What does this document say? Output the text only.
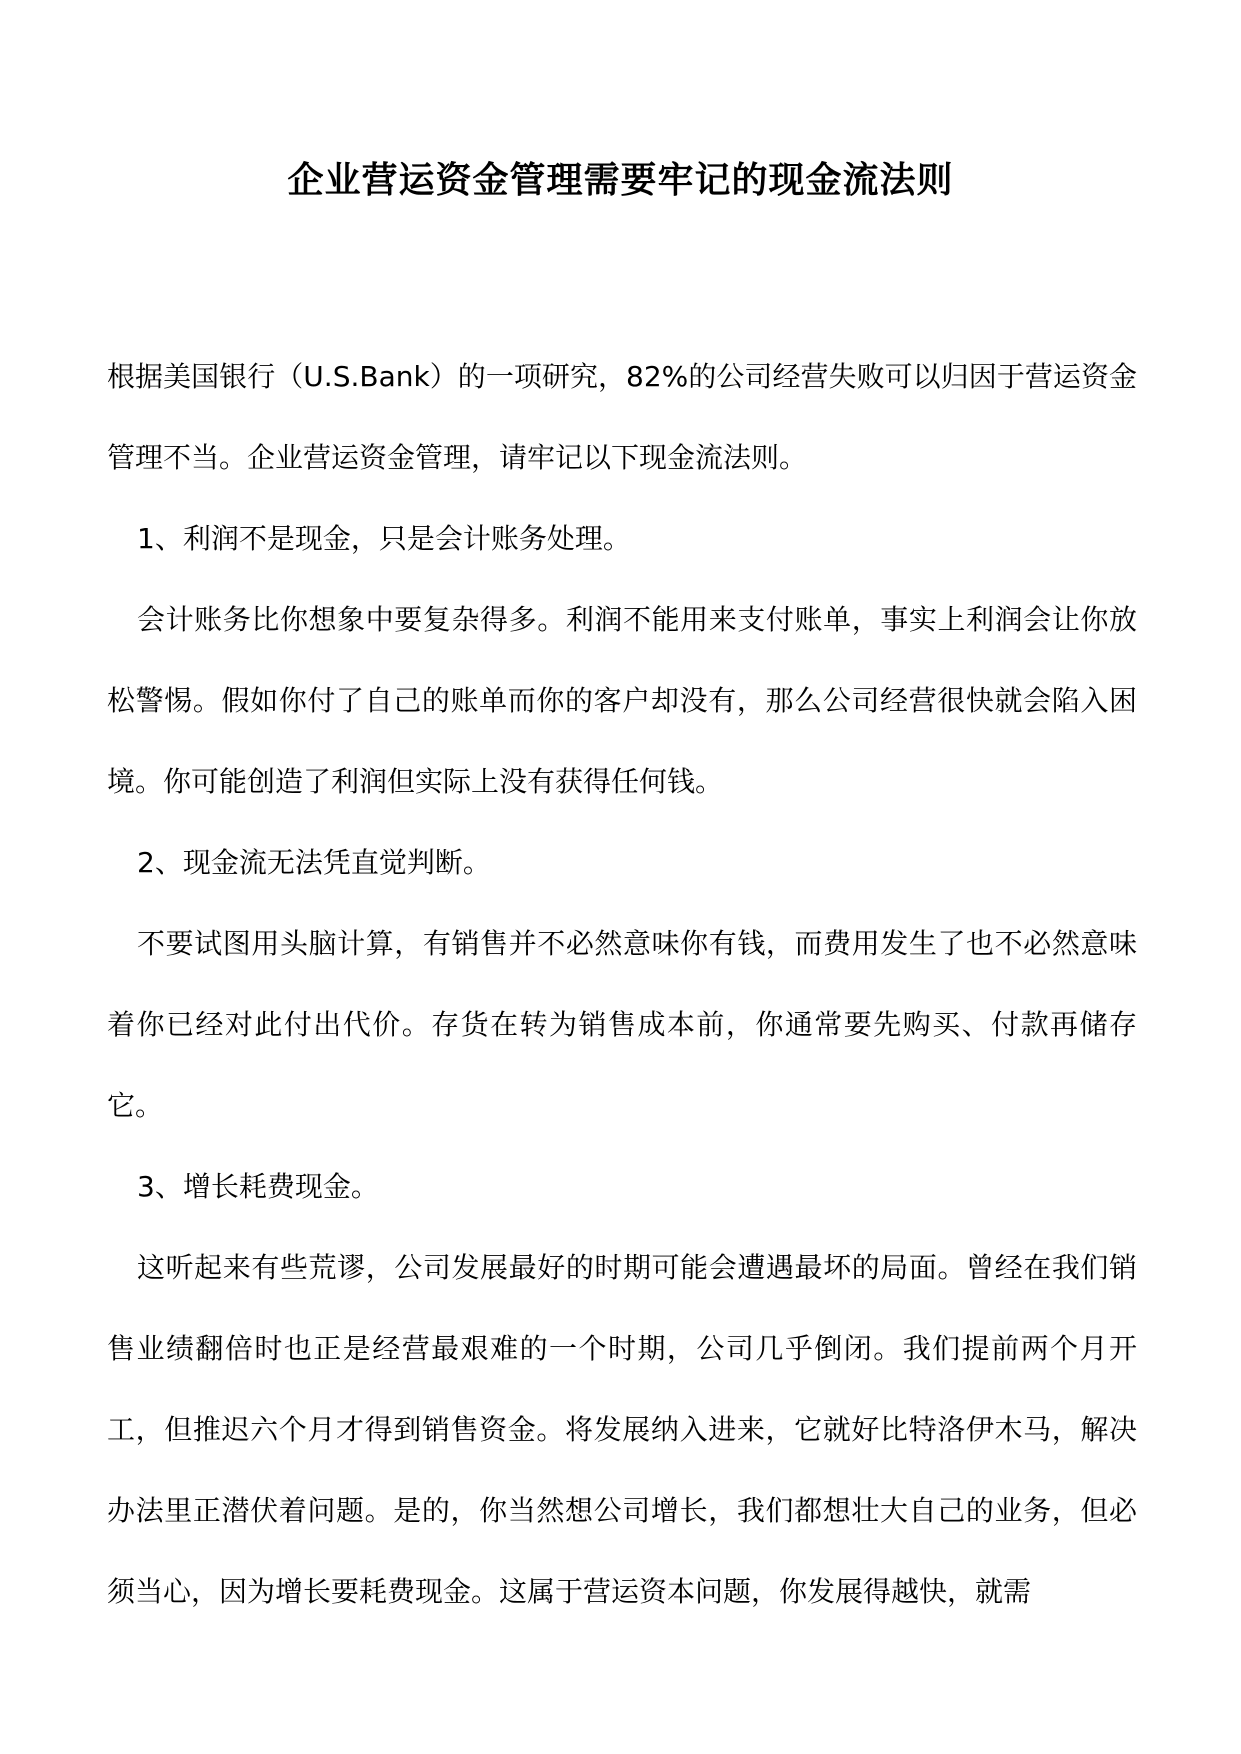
企业营运资金管理需要牢记的现金流法则

根据美国银行（U.S.Bank）的一项研究，82%的公司经营失败可以归因于营运资金管理不当。企业营运资金管理，请牢记以下现金流法则。

1、利润不是现金，只是会计账务处理。

会计账务比你想象中要复杂得多。利润不能用来支付账单，事实上利润会让你放松警惕。假如你付了自己的账单而你的客户却没有，那么公司经营很快就会陷入困境。你可能创造了利润但实际上没有获得任何钱。

2、现金流无法凭直觉判断。

不要试图用头脑计算，有销售并不必然意味你有钱，而费用发生了也不必然意味着你已经对此付出代价。存货在转为销售成本前，你通常要先购买、付款再储存它。

3、增长耗费现金。

这听起来有些荒谬，公司发展最好的时期可能会遭遇最坏的局面。曾经在我们销售业绩翻倍时也正是经营最艰难的一个时期，公司几乎倒闭。我们提前两个月开工，但推迟六个月才得到销售资金。将发展纳入进来，它就好比特洛伊木马，解决办法里正潜伏着问题。是的，你当然想公司增长，我们都想壮大自己的业务，但必须当心，因为增长要耗费现金。这属于营运资本问题，你发展得越快，就需
